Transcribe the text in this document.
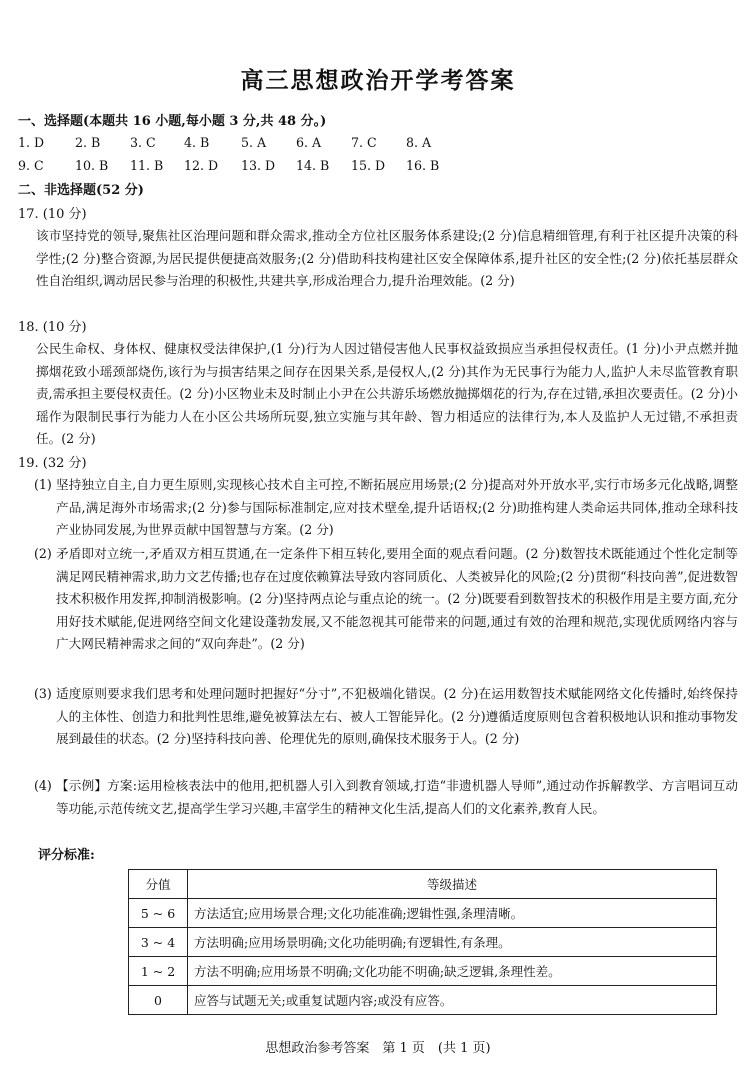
高三思想政治开学考答案
一、选择题(本题共 16 小题,每小题 3 分,共 48 分。)
1. D 2. B 3. C 4. B	5. A 6. A 7. C 8. A
9. C 10. B 11. B 12. D 13. D 14. B 15. D 16. B
二、非选择题(52 分)
17. (10 分)
该市坚持党的领导,聚焦社区治理问题和群众需求,推动全方位社区服务体系建设;(2 分)信息精细管理,有利于社区提升决策的科学性;(2 分)整合资源,为居民提供便捷高效服务;(2 分)借助科技构建社区安全保障体系,提升社区的安全性;(2 分)依托基层群众性自治组织,调动居民参与治理的积极性,共建共享,形成治理合力,提升治理效能。(2 分)
18. (10 分)
公民生命权、身体权、健康权受法律保护,(1 分)行为人因过错侵害他人民事权益致损应当承担侵权责任。(1 分)小尹点燃并抛掷烟花致小瑶颈部烧伤,该行为与损害结果之间存在因果关系,是侵权人,(2 分)其作为无民事行为能力人,监护人未尽监管教育职责,需承担主要侵权责任。(2 分)小区物业未及时制止小尹在公共游乐场燃放抛掷烟花的行为,存在过错,承担次要责任。(2 分)小瑶作为限制民事行为能力人在小区公共场所玩耍,独立实施与其年龄、智力相适应的法律行为,本人及监护人无过错,不承担责任。(2 分)
19. (32 分)
(1) 坚持独立自主,自力更生原则,实现核心技术自主可控,不断拓展应用场景;(2 分)提高对外开放水平,实行市场多元化战略,调整产品,满足海外市场需求;(2 分)参与国际标准制定,应对技术壁垒,提升话语权;(2 分)助推构建人类命运共同体,推动全球科技产业协同发展,为世界贡献中国智慧与方案。(2 分)
(2) 矛盾即对立统一,矛盾双方相互贯通,在一定条件下相互转化,要用全面的观点看问题。(2 分)数智技术既能通过个性化定制等满足网民精神需求,助力文艺传播;也存在过度依赖算法导致内容同质化、人类被异化的风险;(2 分)贯彻“科技向善”,促进数智技术积极作用发挥,抑制消极影响。(2 分)坚持两点论与重点论的统一。(2 分)既要看到数智技术的积极作用是主要方面,充分用好技术赋能,促进网络空间文化建设蓬勃发展,又不能忽视其可能带来的问题,通过有效的治理和规范,实现优质网络内容与广大网民精神需求之间的“双向奔赴”。(2 分)
(3) 适度原则要求我们思考和处理问题时把握好“分寸”,不犯极端化错误。(2 分)在运用数智技术赋能网络文化传播时,始终保持人的主体性、创造力和批判性思维,避免被算法左右、被人工智能异化。(2 分)遵循适度原则包含着积极地认识和推动事物发展到最佳的状态。(2 分)坚持科技向善、伦理优先的原则,确保技术服务于人。(2 分)
(4) 【示例】方案:运用检核表法中的他用,把机器人引入到教育领域,打造“非遗机器人导师”,通过动作拆解教学、方言唱词互动等功能,示范传统文艺,提高学生学习兴趣,丰富学生的精神文化生活,提高人们的文化素养,教育人民。
评分标准:
分值	等级描述
5 ~ 6	方法适宜;应用场景合理;文化功能准确;逻辑性强,条理清晰。
3 ~ 4	方法明确;应用场景明确;文化功能明确;有逻辑性,有条理。
1 ~ 2	方法不明确;应用场景不明确;文化功能不明确;缺乏逻辑,条理性差。
0	应答与试题无关;或重复试题内容;或没有应答。
思想政治参考答案　第 1 页　(共 1 页)
